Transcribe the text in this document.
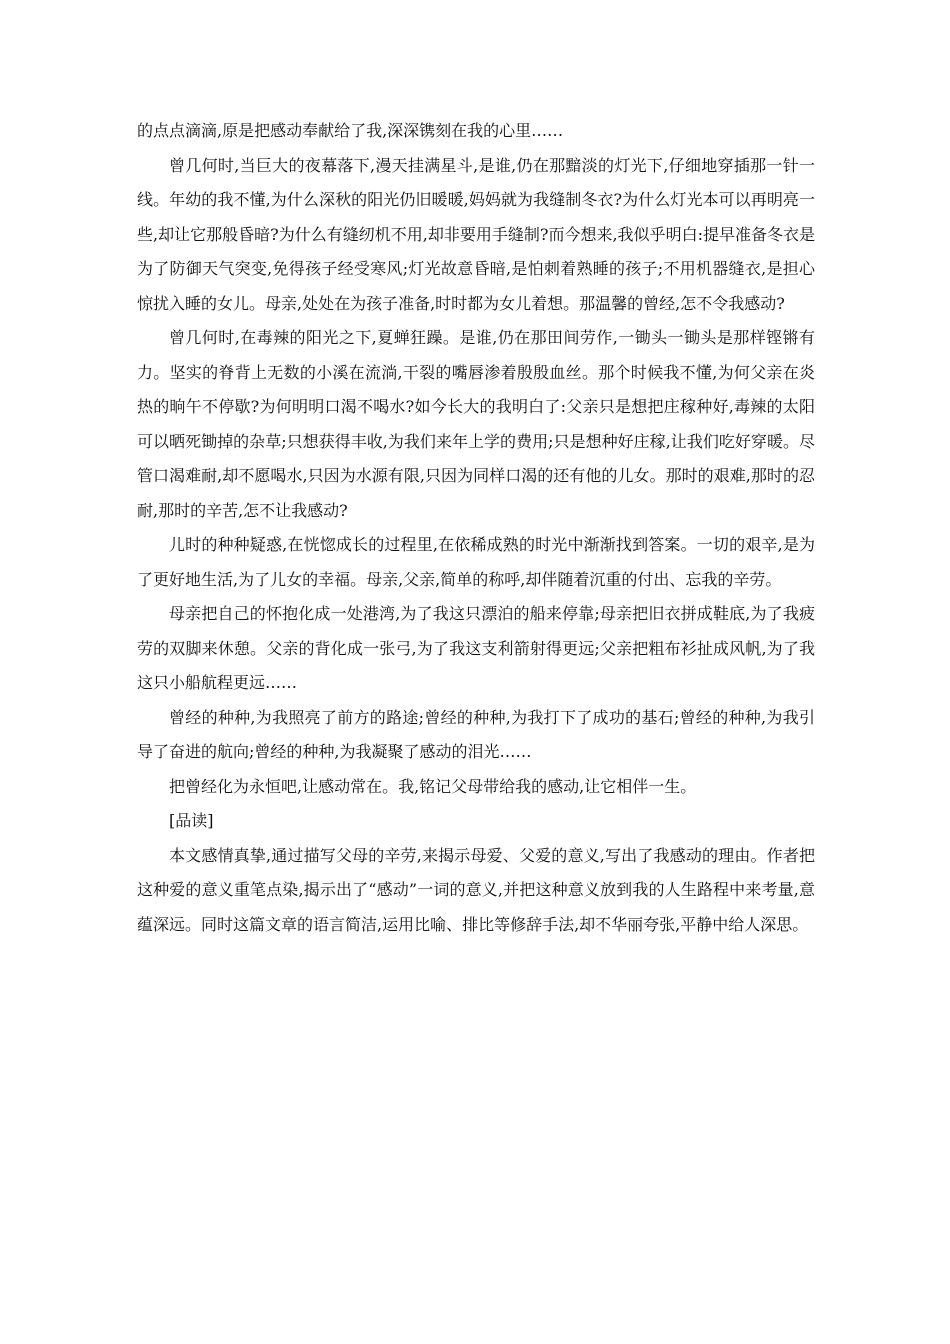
的点点滴滴,原是把感动奉献给了我,深深镌刻在我的心里……

曾几何时,当巨大的夜幕落下,漫天挂满星斗,是谁,仍在那黯淡的灯光下,仔细地穿插那一针一线。年幼的我不懂,为什么深秋的阳光仍旧暖暖,妈妈就为我缝制冬衣?为什么灯光本可以再明亮一些,却让它那般昏暗?为什么有缝纫机不用,却非要用手缝制?而今想来,我似乎明白:提早准备冬衣是为了防御天气突变,免得孩子经受寒风;灯光故意昏暗,是怕刺着熟睡的孩子;不用机器缝衣,是担心惊扰入睡的女儿。母亲,处处在为孩子准备,时时都为女儿着想。那温馨的曾经,怎不令我感动?

曾几何时,在毒辣的阳光之下,夏蝉狂躁。是谁,仍在那田间劳作,一锄头一锄头是那样铿锵有力。坚实的脊背上无数的小溪在流淌,干裂的嘴唇渗着殷殷血丝。那个时候我不懂,为何父亲在炎热的晌午不停歇?为何明明口渴不喝水?如今长大的我明白了:父亲只是想把庄稼种好,毒辣的太阳可以晒死锄掉的杂草;只想获得丰收,为我们来年上学的费用;只是想种好庄稼,让我们吃好穿暖。尽管口渴难耐,却不愿喝水,只因为水源有限,只因为同样口渴的还有他的儿女。那时的艰难,那时的忍耐,那时的辛苦,怎不让我感动?

儿时的种种疑惑,在恍惚成长的过程里,在依稀成熟的时光中渐渐找到答案。一切的艰辛,是为了更好地生活,为了儿女的幸福。母亲,父亲,简单的称呼,却伴随着沉重的付出、忘我的辛劳。

母亲把自己的怀抱化成一处港湾,为了我这只漂泊的船来停靠;母亲把旧衣拼成鞋底,为了我疲劳的双脚来休憩。父亲的背化成一张弓,为了我这支利箭射得更远;父亲把粗布衫扯成风帆,为了我这只小船航程更远……

曾经的种种,为我照亮了前方的路途;曾经的种种,为我打下了成功的基石;曾经的种种,为我引导了奋进的航向;曾经的种种,为我凝聚了感动的泪光……

把曾经化为永恒吧,让感动常在。我,铭记父母带给我的感动,让它相伴一生。

[品读]

本文感情真挚,通过描写父母的辛劳,来揭示母爱、父爱的意义,写出了我感动的理由。作者把这种爱的意义重笔点染,揭示出了“感动”一词的意义,并把这种意义放到我的人生路程中来考量,意蕴深远。同时这篇文章的语言简洁,运用比喻、排比等修辞手法,却不华丽夸张,平静中给人深思。
